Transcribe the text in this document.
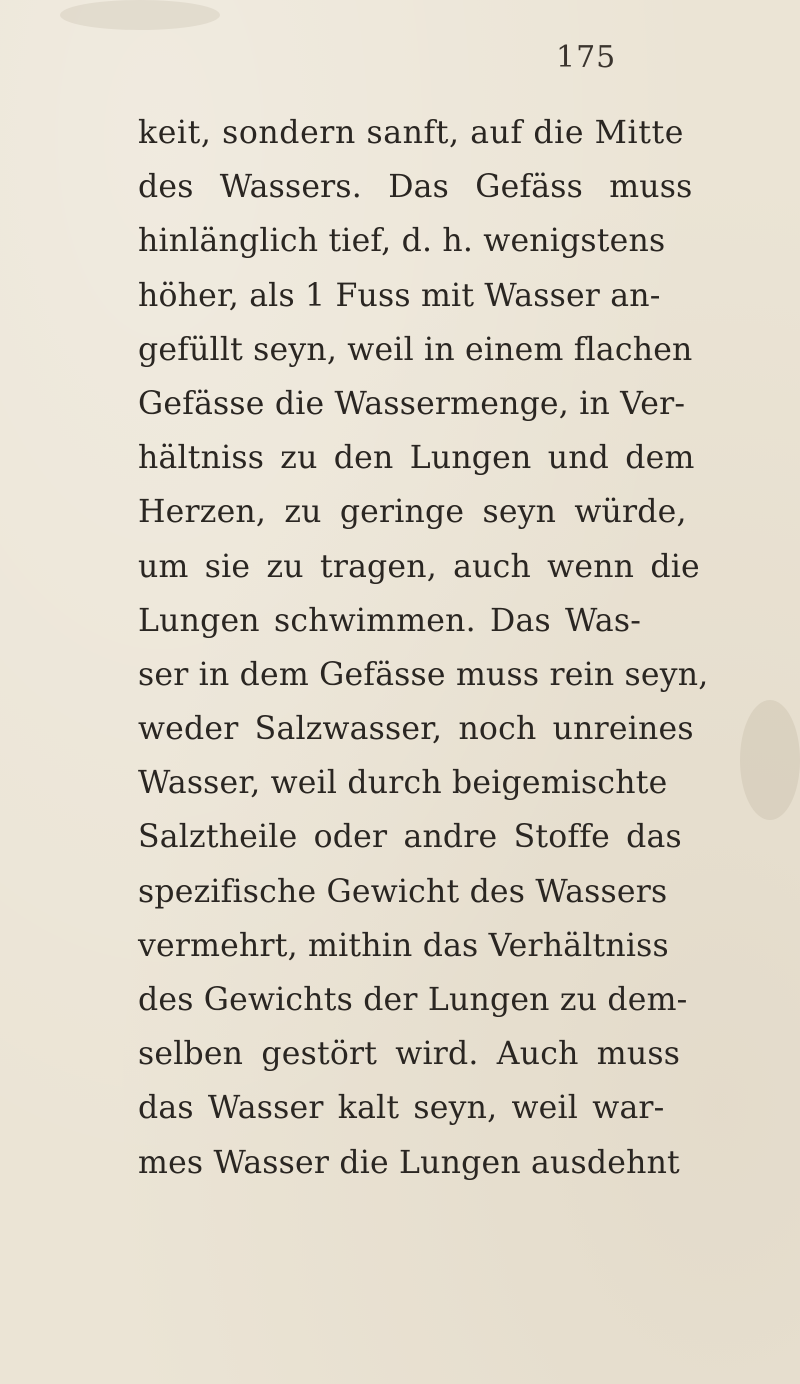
175
keit, sondern sanft, auf die Mitte
des Wassers. Das Gefäss muss
hinlänglich tief, d. h. wenigstens
höher, als 1 Fuss mit Wasser an-
gefüllt seyn, weil in einem flachen
Gefässe die Wassermenge, in Ver-
hältniss zu den Lungen und dem
Herzen, zu geringe seyn würde,
um sie zu tragen, auch wenn die
Lungen schwimmen. Das Was-
ser in dem Gefässe muss rein seyn,
weder Salzwasser, noch unreines
Wasser, weil durch beigemischte
Salztheile oder andre Stoffe das
spezifische Gewicht des Wassers
vermehrt, mithin das Verhältniss
des Gewichts der Lungen zu dem-
selben gestört wird. Auch muss
das Wasser kalt seyn, weil war-
mes Wasser die Lungen ausdehnt
